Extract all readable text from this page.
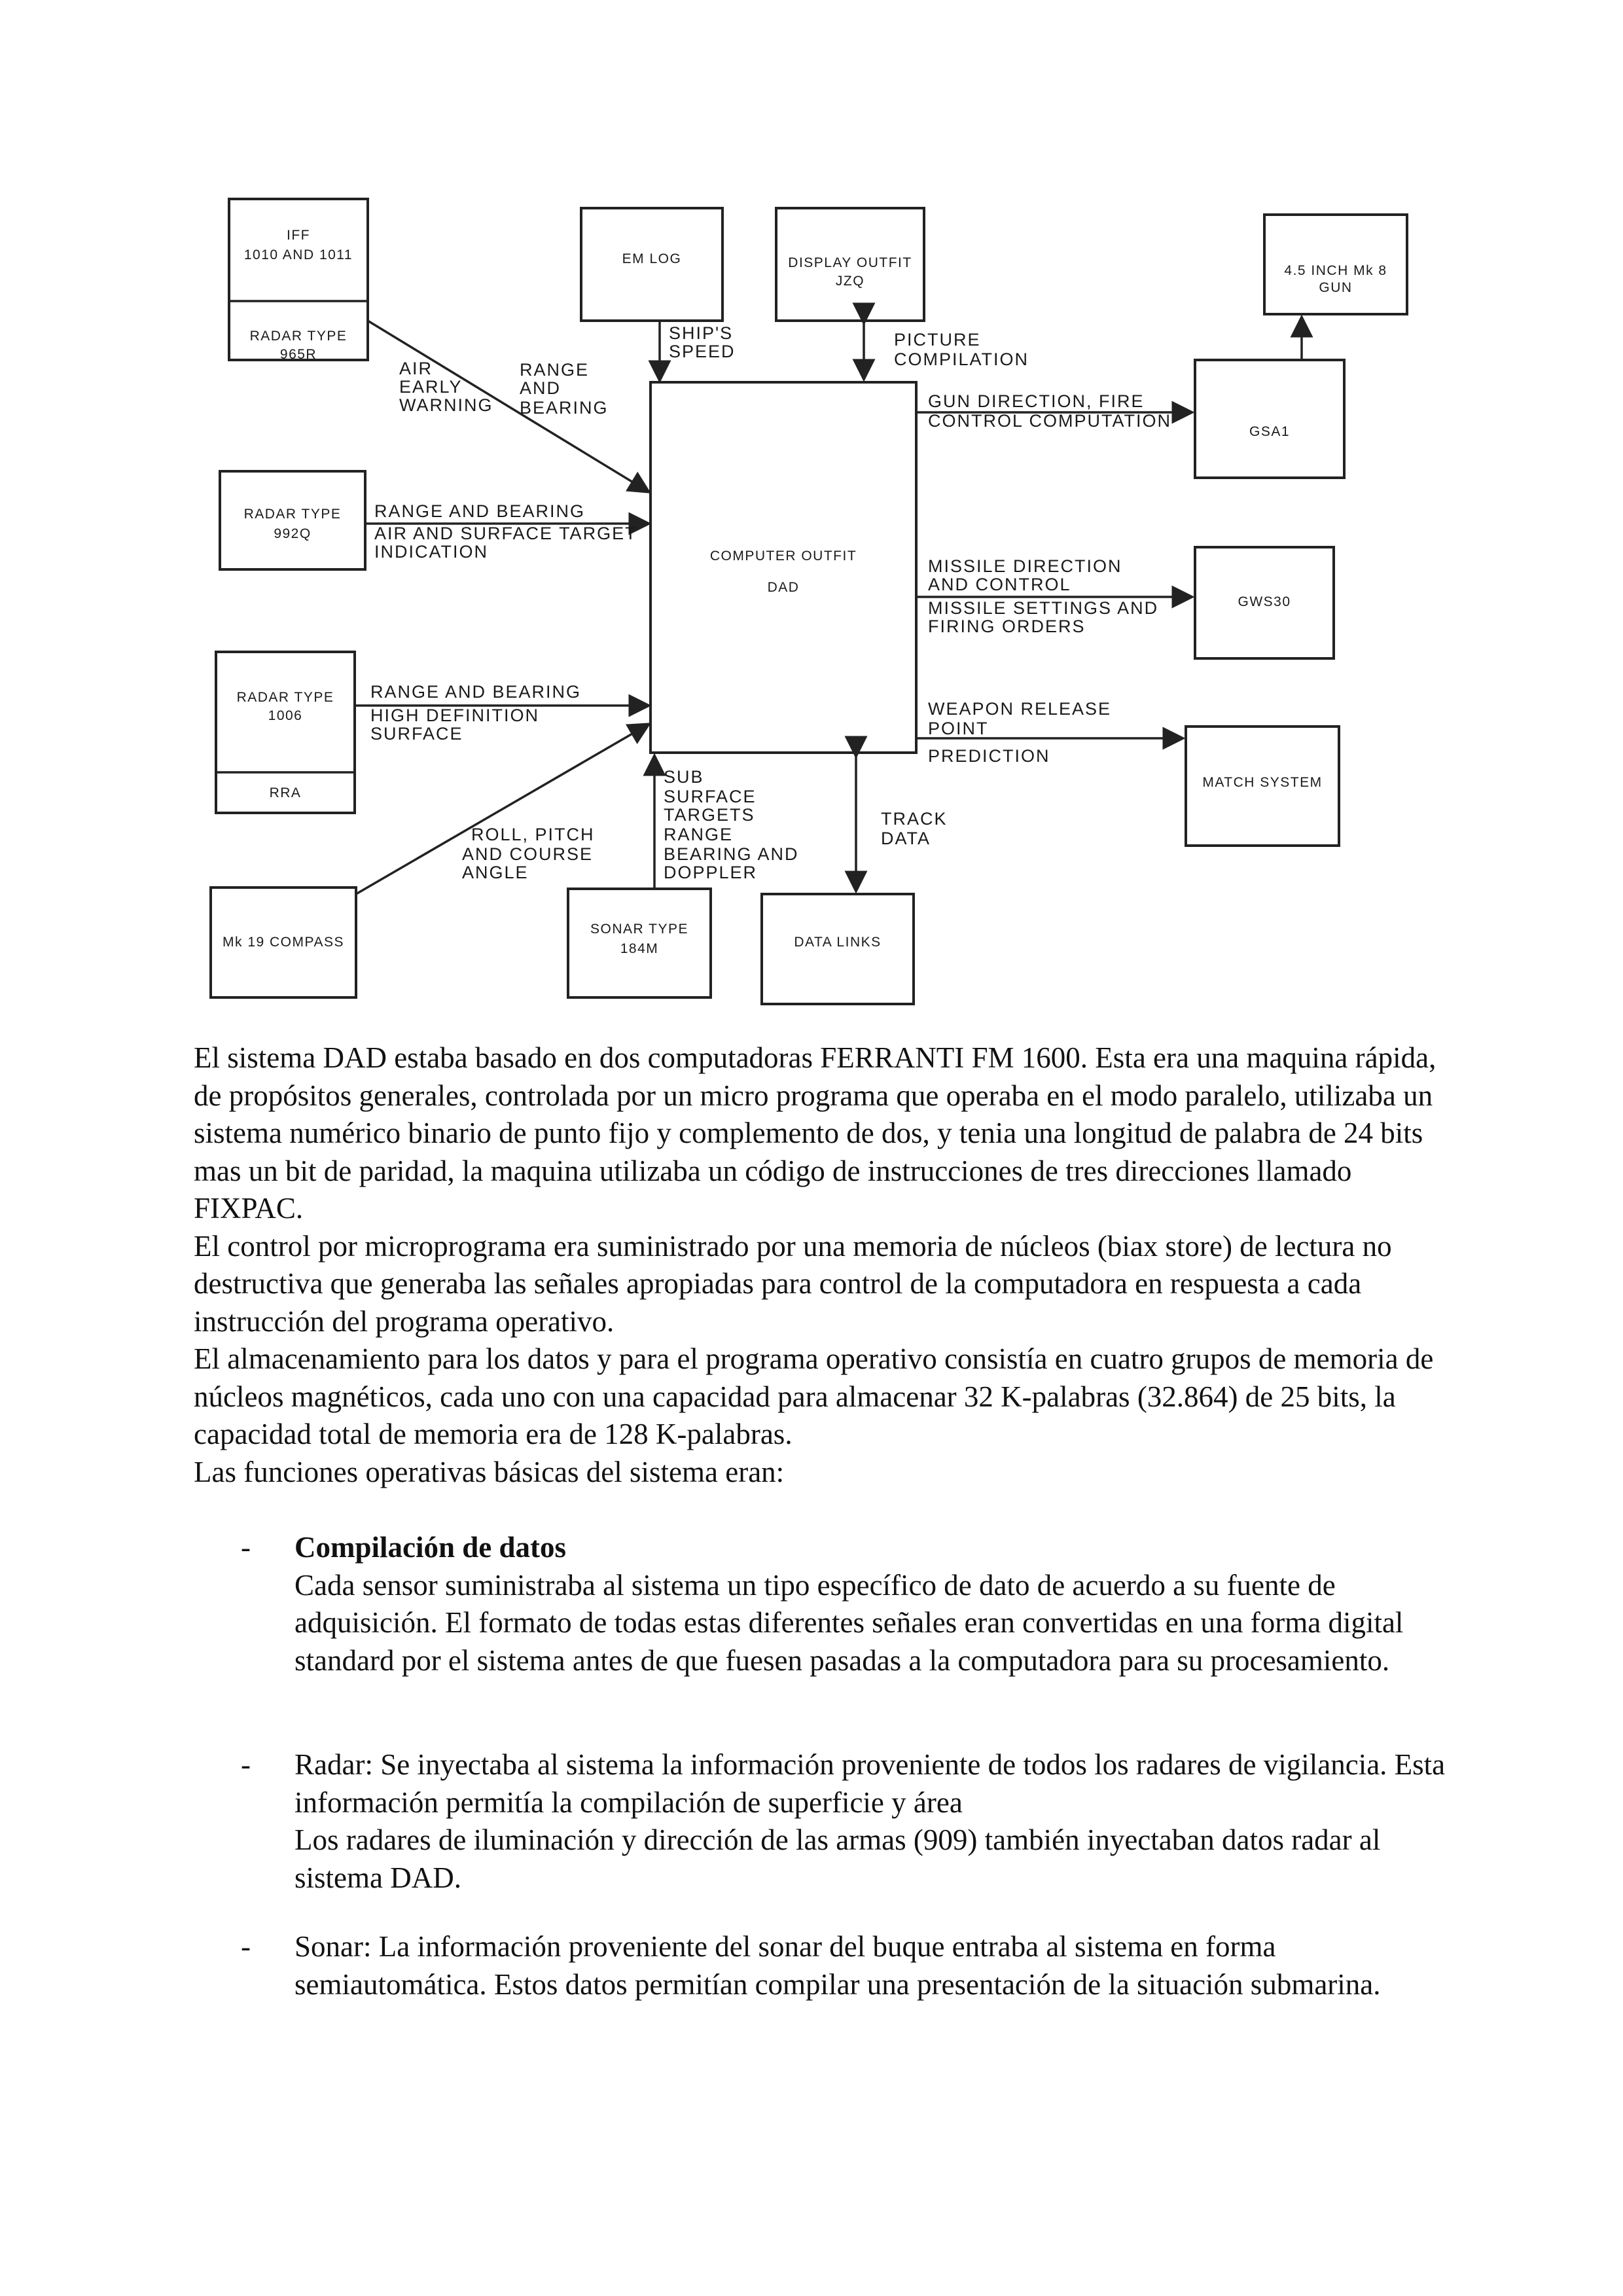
IFF
1010 AND 1011
RADAR TYPE
965R
RADAR TYPE
992Q
RADAR TYPE
1006
RRA
Mk 19 COMPASS
EM LOG	DISPLAY OUTFIT
JZQ
4.5 INCH Mk 8
GUN
GSA1
GWS30
MATCH SYSTEM
COMPUTER OUTFIT
DAD
SONAR TYPE
184M	DATA LINKS
AIR
EARLY
WARNING
RANGE
AND
BEARING
SHIP'S
SPEED
PICTURE
COMPILATION
GUN DIRECTION, FIRE
CONTROL COMPUTATION
RANGE AND BEARING
AIR AND SURFACE TARGET
INDICATION
MISSILE DIRECTION
AND CONTROL
MISSILE SETTINGS AND
FIRING ORDERS
RANGE AND BEARING
HIGH DEFINITION
SURFACE
WEAPON RELEASE
POINT
PREDICTION
ROLL, PITCH
AND COURSE
ANGLE
SUB
SURFACE
TARGETS
RANGE
BEARING AND
DOPPLER
TRACK
DATA

El sistema DAD estaba basado en dos computadoras FERRANTI FM 1600. Esta era una maquina rápida, de propósitos generales, controlada por un micro programa que operaba en el modo paralelo, utilizaba un sistema numérico binario de punto fijo y complemento de dos, y tenia una longitud de palabra de 24 bits mas un bit de paridad, la maquina utilizaba un código de instrucciones de tres direcciones llamado FIXPAC.

El control por microprograma era suministrado por una memoria de núcleos (biax store) de lectura no destructiva que generaba las señales apropiadas para control de la computadora en respuesta a cada instrucción del programa operativo.

El almacenamiento para los datos y para el programa operativo consistía en cuatro grupos de memoria de núcleos magnéticos, cada uno con una capacidad para almacenar 32 K-palabras (32.864) de 25 bits, la capacidad total de memoria era de 128 K-palabras.

Las funciones operativas básicas del sistema eran:

- Compilación de datos

Cada sensor suministraba al sistema un tipo específico de dato de acuerdo a su fuente de adquisición. El formato de todas estas diferentes señales eran convertidas en una forma digital standard por el sistema antes de que fuesen pasadas a la computadora para su procesamiento.

- Radar: Se inyectaba al sistema la información proveniente de todos los radares de vigilancia. Esta información permitía la compilación de superficie y área

Los radares de iluminación y dirección de las armas (909) también inyectaban datos radar al sistema DAD.

- Sonar: La información proveniente del sonar del buque entraba al sistema en forma semiautomática. Estos datos permitían compilar una presentación de la situación submarina.
